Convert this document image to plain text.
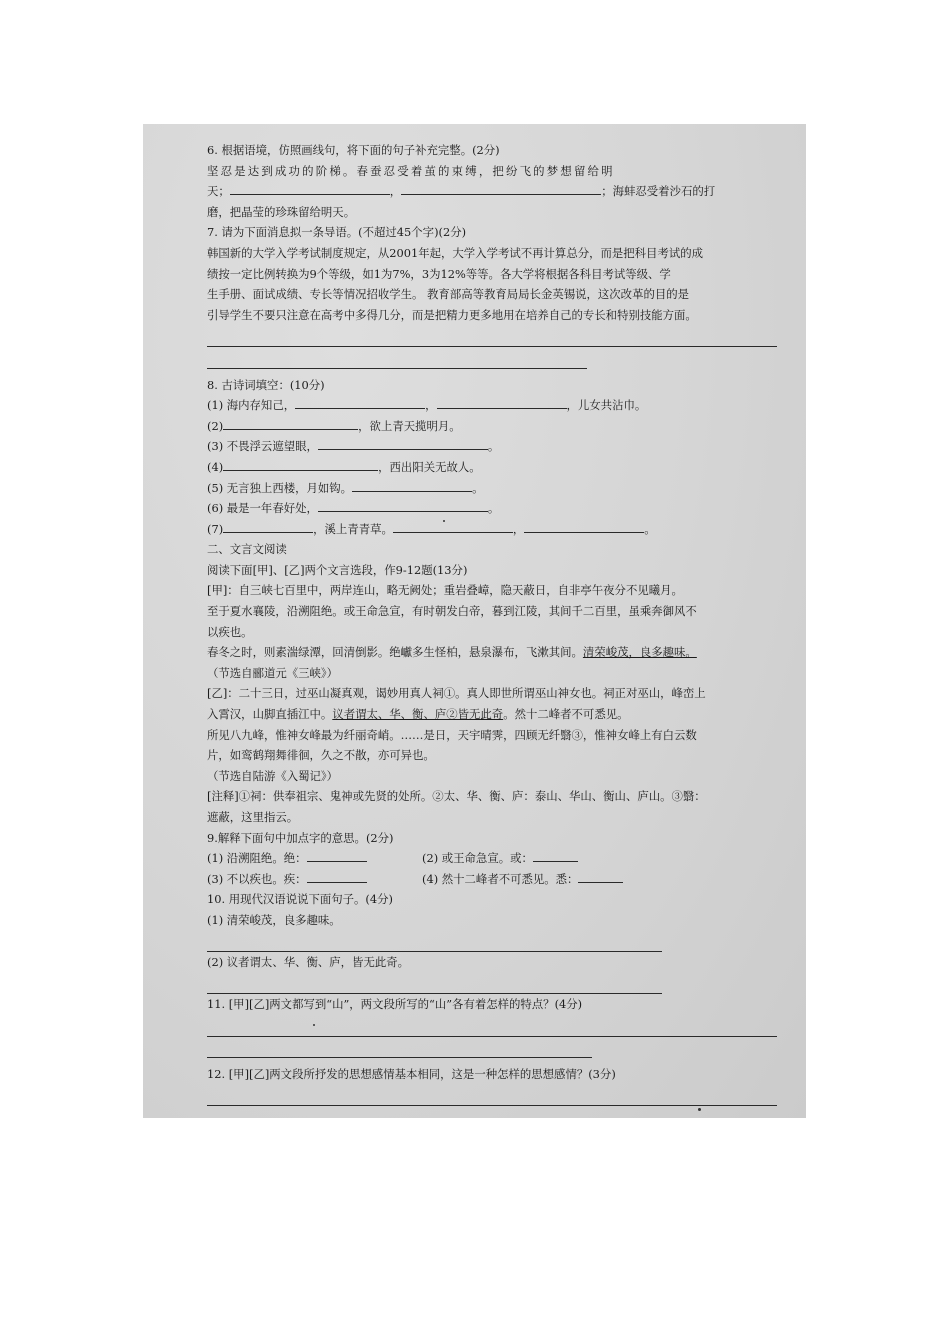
6. 根据语境，仿照画线句，将下面的句子补充完整。(2分)
坚忍是达到成功的阶梯。春蚕忍受着茧的束缚，把纷飞的梦想留给明
天；	，	；海蚌忍受着沙石的打
磨，把晶莹的珍珠留给明天。
7. 请为下面消息拟一条导语。(不超过45个字)(2分)
韩国新的大学入学考试制度规定，从2001年起，大学入学考试不再计算总分，而是把科目考试的成
绩按一定比例转换为9个等级，如1为7%，3为12%等等。各大学将根据各科目考试等级、学
生手册、面试成绩、专长等情况招收学生。 教育部高等教育局局长金英锡说，这次改革的目的是
引导学生不要只注意在高考中多得几分，而是把精力更多地用在培养自己的专长和特别技能方面。
8. 古诗词填空：(10分)
(1) 海内存知己，	，	，儿女共沾巾。
(2)	，欲上青天揽明月。
(3) 不畏浮云遮望眼，	。
(4)	，西出阳关无故人。
(5) 无言独上西楼，月如钩。	。
(6) 最是一年春好处，	。
(7)	，溪上青青草。	，	。
二、文言文阅读
阅读下面[甲]、[乙]两个文言选段，作9-12题(13分)
[甲]：自三峡七百里中，两岸连山，略无阙处；重岩叠嶂，隐天蔽日，自非亭午夜分不见曦月。
至于夏水襄陵，沿溯阻绝。或王命急宣，有时朝发白帝，暮到江陵，其间千二百里，虽乘奔御风不
以疾也。
春冬之时，则素湍绿潭，回清倒影。绝巘多生怪柏，悬泉瀑布，飞漱其间。清荣峻茂，良多趣味。
（节选自郦道元《三峡》）
[乙]：二十三日，过巫山凝真观，谒妙用真人祠①。真人即世所谓巫山神女也。祠正对巫山，峰峦上
入霄汉，山脚直插江中。议者谓太、华、衡、庐②皆无此奇。然十二峰者不可悉见。
所见八九峰，惟神女峰最为纤丽奇峭。……是日，天宇晴霁，四顾无纤翳③，惟神女峰上有白云数
片，如鸾鹤翔舞徘徊，久之不散，亦可异也。
（节选自陆游《入蜀记》）
[注释]①祠：供奉祖宗、鬼神或先贤的处所。②太、华、衡、庐：泰山、华山、衡山、庐山。③翳：
遮蔽，这里指云。
9.解释下面句中加点字的意思。(2分)
(1) 沿溯阻绝。绝：	(2) 或王命急宣。或：
(3) 不以疾也。疾：	(4) 然十二峰者不可悉见。悉：
10. 用现代汉语说说下面句子。(4分)
(1) 清荣峻茂，良多趣味。
(2) 议者谓太、华、衡、庐，皆无此奇。
11. [甲][乙]两文都写到“山”，两文段所写的“山”各有着怎样的特点？(4分)
12. [甲][乙]两文段所抒发的思想感情基本相同，这是一种怎样的思想感情？(3分)
